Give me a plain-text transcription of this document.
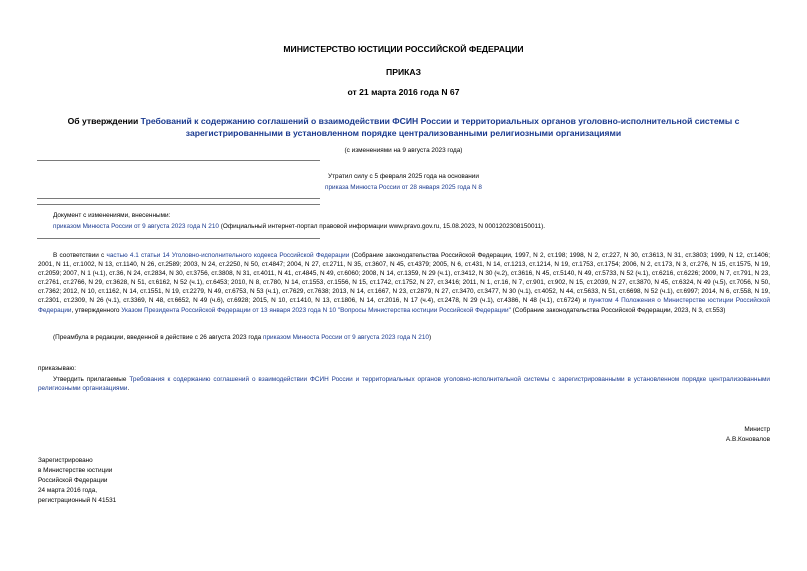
МИНИСТЕРСТВО ЮСТИЦИИ РОССИЙСКОЙ ФЕДЕРАЦИИ
ПРИКАЗ
от 21 марта 2016 года N 67
Об утверждении Требований к содержанию соглашений о взаимодействии ФСИН России и территориальных органов уголовно-исполнительной системы с зарегистрированными в установленном порядке централизованными религиозными организациями
(с изменениями на 9 августа 2023 года)
Утратил силу с 5 февраля 2025 года на основании
приказа Минюста России от 28 января 2025 года N 8
Документ с изменениями, внесенными:
приказом Минюста России от 9 августа 2023 года N 210 (Официальный интернет-портал правовой информации www.pravo.gov.ru, 15.08.2023, N 0001202308150011).
В соответствии с частью 4.1 статьи 14 Уголовно-исполнительного кодекса Российской Федерации (Собрание законодательства Российской Федерации, 1997, N 2, ст.198; 1998, N 2, ст.227, N 30, ст.3613, N 31, ст.3803; 1999, N 12, ст.1406; 2001, N 11, ст.1002, N 13, ст.1140, N 26, ст.2589; 2003, N 24, ст.2250, N 50, ст.4847; 2004, N 27, ст.2711, N 35, ст.3607, N 45, ст.4379; 2005, N 6, ст.431, N 14, ст.1213, ст.1214, N 19, ст.1753, ст.1754; 2006, N 2, ст.173, N 3, ст.276, N 15, ст.1575, N 19, ст.2059; 2007, N 1 (ч.1), ст.36, N 24, ст.2834, N 30, ст.3756, ст.3808, N 31, ст.4011, N 41, ст.4845, N 49, ст.6060; 2008, N 14, ст.1359, N 29 (ч.1), ст.3412, N 30 (ч.2), ст.3616, N 45, ст.5140, N 49, ст.5733, N 52 (ч.1), ст.6216, ст.6226; 2009, N 7, ст.791, N 23, ст.2761, ст.2766, N 29, ст.3628, N 51, ст.6162, N 52 (ч.1), ст.6453; 2010, N 8, ст.780, N 14, ст.1553, ст.1556, N 15, ст.1742, ст.1752, N 27, ст.3416; 2011, N 1, ст.16, N 7, ст.901, ст.902, N 15, ст.2039, N 27, ст.3870, N 45, ст.6324, N 49 (ч.5), ст.7056, N 50, ст.7362; 2012, N 10, ст.1162, N 14, ст.1551, N 19, ст.2279, N 49, ст.6753, N 53 (ч.1), ст.7629, ст.7638; 2013, N 14, ст.1667, N 23, ст.2879, N 27, ст.3470, ст.3477, N 30 (ч.1), ст.4052, N 44, ст.5633, N 51, ст.6698, N 52 (ч.1), ст.6997; 2014, N 6, ст.558, N 19, ст.2301, ст.2309, N 26 (ч.1), ст.3369, N 48, ст.6652, N 49 (ч.6), ст.6928; 2015, N 10, ст.1410, N 13, ст.1806, N 14, ст.2016, N 17 (ч.4), ст.2478, N 29 (ч.1), ст.4386, N 48 (ч.1), ст.6724) и пунктом 4 Положения о Министерстве юстиции Российской Федерации, утвержденного Указом Президента Российской Федерации от 13 января 2023 года N 10 "Вопросы Министерства юстиции Российской Федерации" (Собрание законодательства Российской Федерации, 2023, N 3, ст.553)
(Преамбула в редакции, введенной в действие с 26 августа 2023 года приказом Минюста России от 9 августа 2023 года N 210)
приказываю:
Утвердить прилагаемые Требования к содержанию соглашений о взаимодействии ФСИН России и территориальных органов уголовно-исполнительной системы с зарегистрированными в установленном порядке централизованными религиозными организациями.
Министр
А.В.Коновалов
Зарегистрировано
в Министерстве юстиции
Российской Федерации
24 марта 2016 года,
регистрационный N 41531
